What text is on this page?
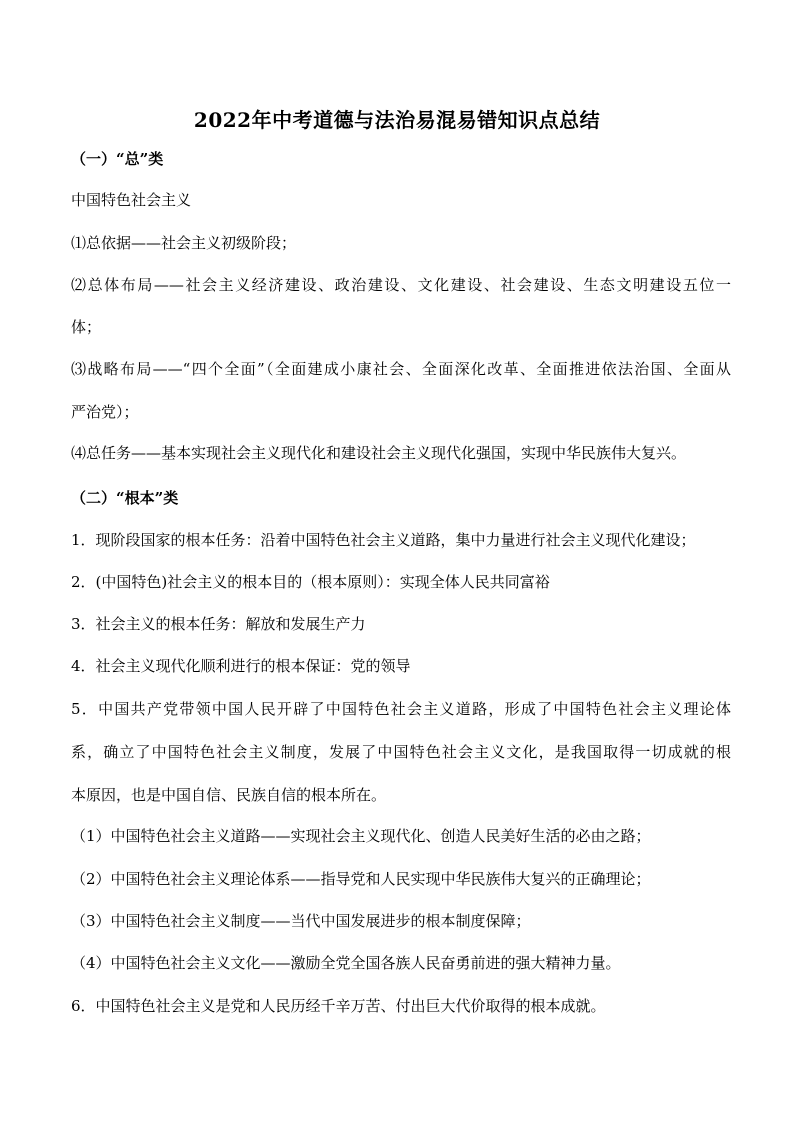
2022年中考道德与法治易混易错知识点总结
（一）“总”类
中国特色社会主义
⑴总依据——社会主义初级阶段；
⑵总体布局——社会主义经济建设、政治建设、文化建设、社会建设、生态文明建设五位一
体；
⑶战略布局——“四个全面”（全面建成小康社会、全面深化改革、全面推进依法治国、全面从
严治党）；
⑷总任务——基本实现社会主义现代化和建设社会主义现代化强国，实现中华民族伟大复兴。
（二）“根本”类
1．现阶段国家的根本任务：沿着中国特色社会主义道路，集中力量进行社会主义现代化建设；
2．(中国特色)社会主义的根本目的（根本原则）：实现全体人民共同富裕
3．社会主义的根本任务：解放和发展生产力
4．社会主义现代化顺利进行的根本保证：党的领导
5．中国共产党带领中国人民开辟了中国特色社会主义道路，形成了中国特色社会主义理论体
系，确立了中国特色社会主义制度，发展了中国特色社会主义文化，是我国取得一切成就的根
本原因，也是中国自信、民族自信的根本所在。
（1）中国特色社会主义道路——实现社会主义现代化、创造人民美好生活的必由之路；
（2）中国特色社会主义理论体系——指导党和人民实现中华民族伟大复兴的正确理论；
（3）中国特色社会主义制度——当代中国发展进步的根本制度保障；
（4）中国特色社会主义文化——激励全党全国各族人民奋勇前进的强大精神力量。
6．中国特色社会主义是党和人民历经千辛万苦、付出巨大代价取得的根本成就。
